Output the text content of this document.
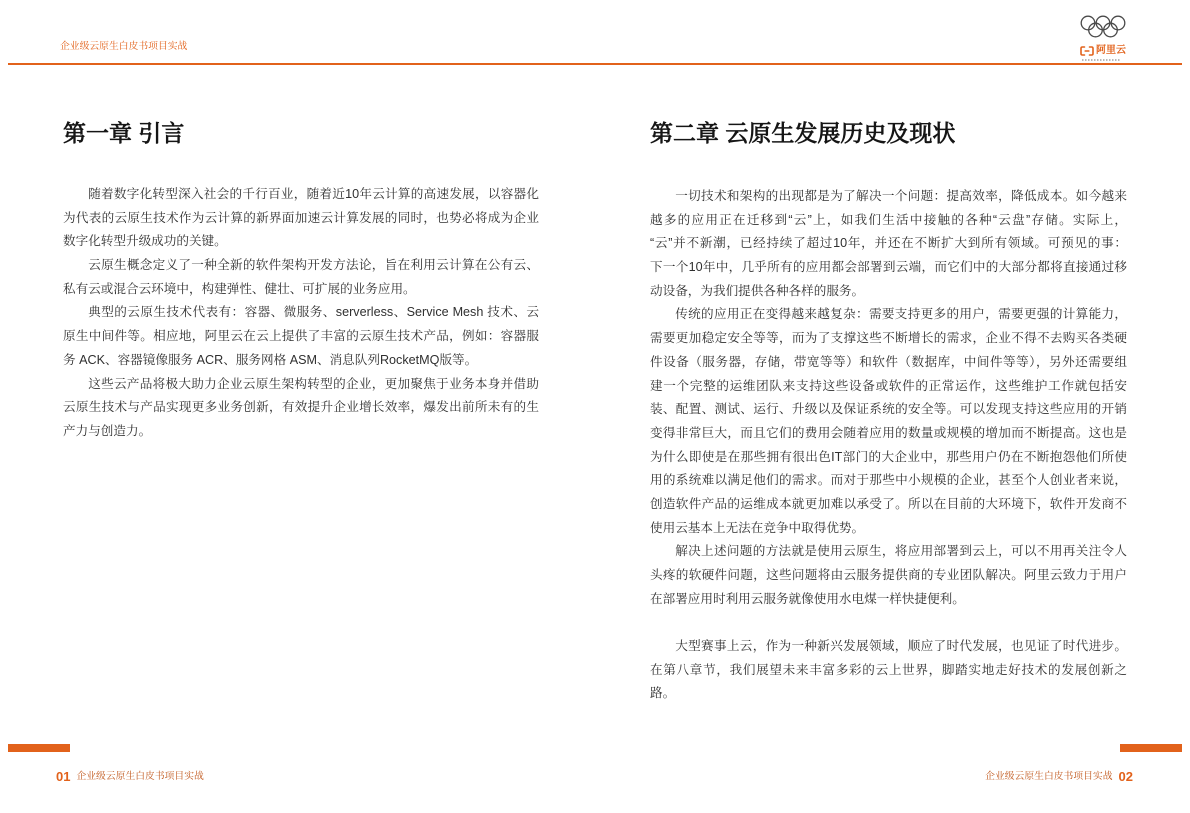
企业级云原生白皮书项目实战	阿里云
第一章 引言
随着数字化转型深入社会的千行百业，随着近10年云计算的高速发展，以容器化
为代表的云原生技术作为云计算的新界面加速云计算发展的同时，也势必将成为企业
数字化转型升级成功的关键。
云原生概念定义了一种全新的软件架构开发方法论，旨在利用云计算在公有云、
私有云或混合云环境中，构建弹性、健壮、可扩展的业务应用。
典型的云原生技术代表有：容器、微服务、serverless、Service Mesh 技术、云
原生中间件等。相应地，阿里云在云上提供了丰富的云原生技术产品，例如：容器服
务 ACK、容器镜像服务 ACR、服务网格 ASM、消息队列RocketMQ版等。
这些云产品将极大助力企业云原生架构转型的企业，更加聚焦于业务本身并借助
云原生技术与产品实现更多业务创新，有效提升企业增长效率，爆发出前所未有的生
产力与创造力。
第二章 云原生发展历史及现状
一切技术和架构的出现都是为了解决一个问题：提高效率，降低成本。如今越来
越多的应用正在迁移到“云”上，如我们生活中接触的各种“云盘”存储。实际上，
“云”并不新潮，已经持续了超过10年，并还在不断扩大到所有领域。可预见的事：
下一个10年中，几乎所有的应用都会部署到云端，而它们中的大部分都将直接通过移
动设备，为我们提供各种各样的服务。
传统的应用正在变得越来越复杂：需要支持更多的用户，需要更强的计算能力，
需要更加稳定安全等等，而为了支撑这些不断增长的需求，企业不得不去购买各类硬
件设备（服务器，存储，带宽等等）和软件（数据库，中间件等等），另外还需要组
建一个完整的运维团队来支持这些设备或软件的正常运作，这些维护工作就包括安
装、配置、测试、运行、升级以及保证系统的安全等。可以发现支持这些应用的开销
变得非常巨大，而且它们的费用会随着应用的数量或规模的增加而不断提高。这也是
为什么即使是在那些拥有很出色IT部门的大企业中，那些用户仍在不断抱怨他们所使
用的系统难以满足他们的需求。而对于那些中小规模的企业，甚至个人创业者来说，
创造软件产品的运维成本就更加难以承受了。所以在目前的大环境下，软件开发商不
使用云基本上无法在竞争中取得优势。
解决上述问题的方法就是使用云原生，将应用部署到云上，可以不用再关注令人
头疼的软硬件问题，这些问题将由云服务提供商的专业团队解决。阿里云致力于用户
在部署应用时利用云服务就像使用水电煤一样快捷便利。
大型赛事上云，作为一种新兴发展领域，顺应了时代发展，也见证了时代进步。
在第八章节，我们展望未来丰富多彩的云上世界，脚踏实地走好技术的发展创新之
路。
01 企业级云原生白皮书项目实战	企业级云原生白皮书项目实战 02
